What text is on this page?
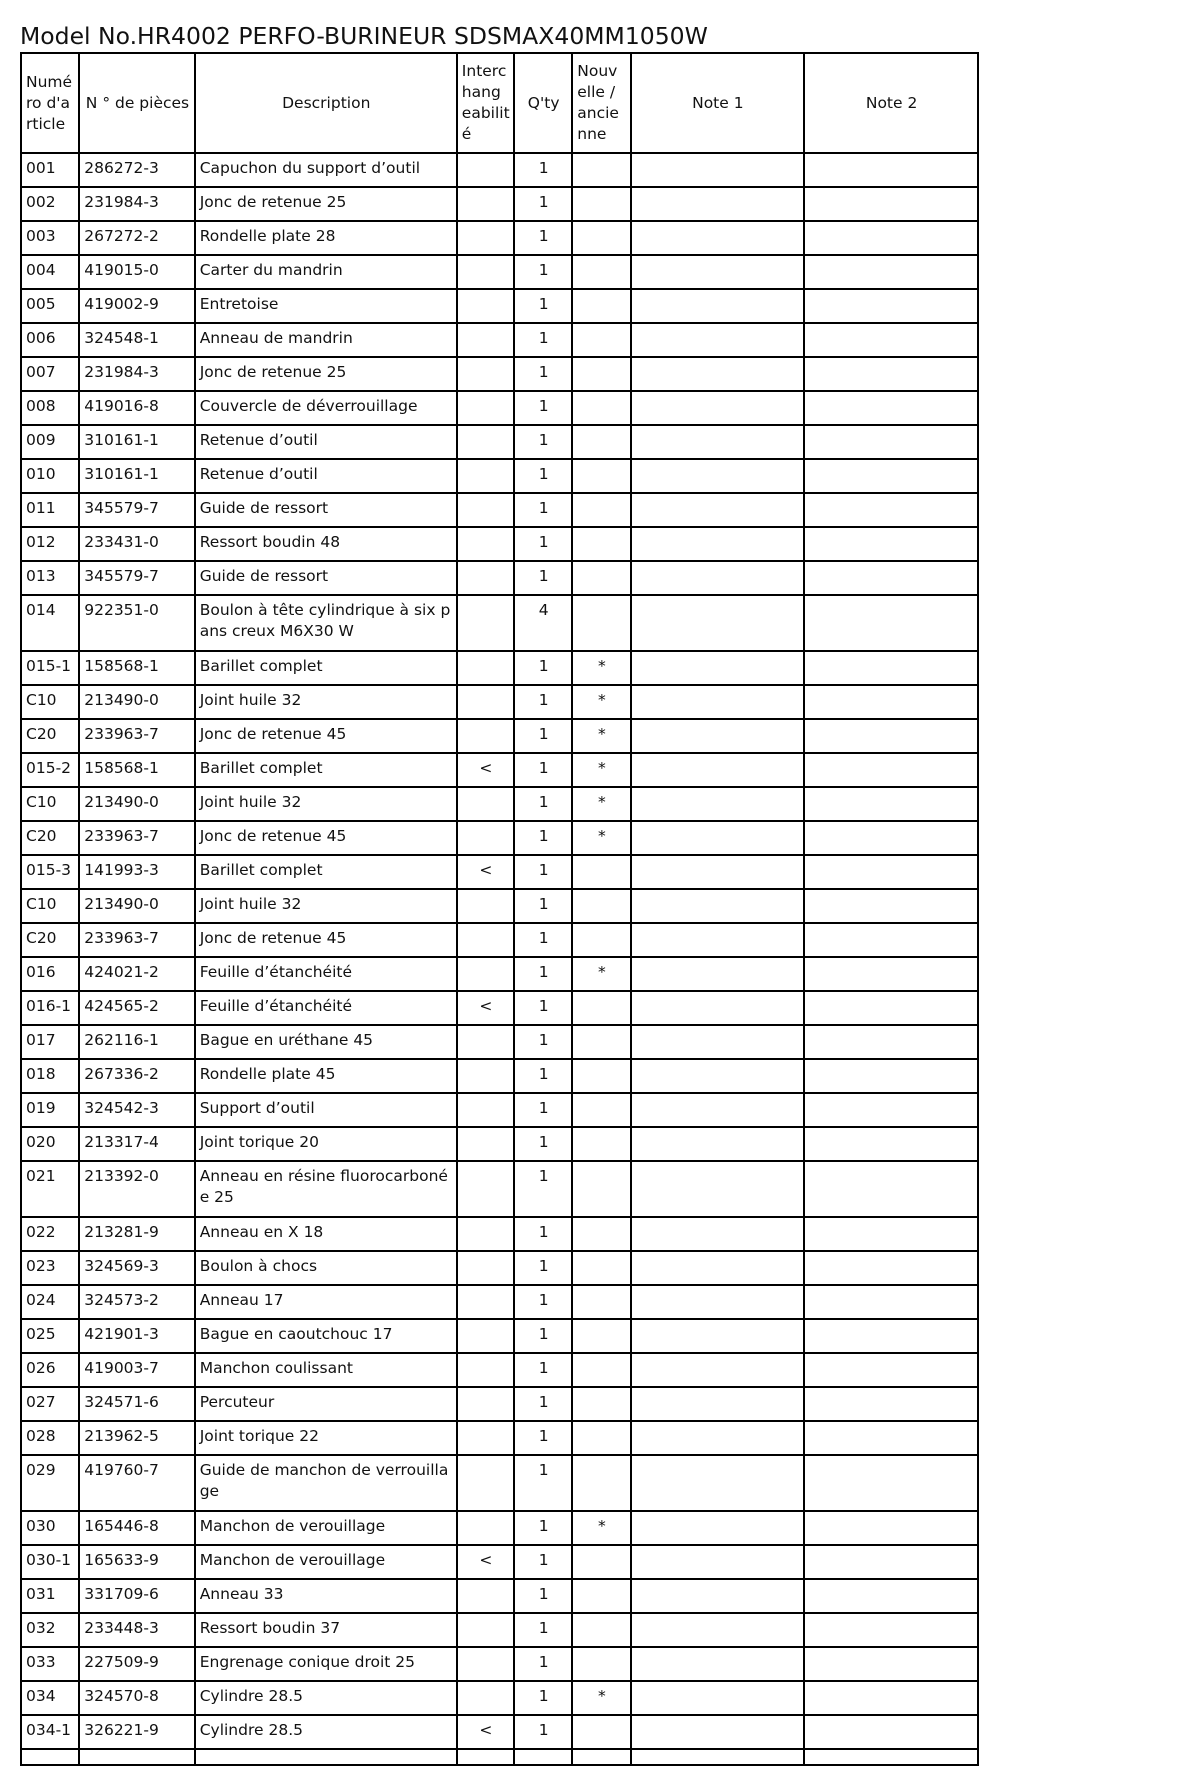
Model No.HR4002 PERFO-BURINEUR SDSMAX40MM1050W
Numé ro d'a rticle	N ° de pièces	Description	Interc hang eabilit é	Q'ty	Nouv elle / ancie nne	Note 1	Note 2
001	286272-3	Capuchon du support d’outil		1			
002	231984-3	Jonc de retenue 25		1			
003	267272-2	Rondelle plate 28		1			
004	419015-0	Carter du mandrin		1			
005	419002-9	Entretoise		1			
006	324548-1	Anneau de mandrin		1			
007	231984-3	Jonc de retenue 25		1			
008	419016-8	Couvercle de déverrouillage		1			
009	310161-1	Retenue d’outil		1			
010	310161-1	Retenue d’outil		1			
011	345579-7	Guide de ressort		1			
012	233431-0	Ressort boudin 48		1			
013	345579-7	Guide de ressort		1			
014	922351-0	Boulon à tête cylindrique à six pans creux M6X30 W		4			
015-1	158568-1	Barillet complet		1	*		
C10	213490-0	Joint huile 32		1	*		
C20	233963-7	Jonc de retenue 45		1	*		
015-2	158568-1	Barillet complet	<	1	*		
C10	213490-0	Joint huile 32		1	*		
C20	233963-7	Jonc de retenue 45		1	*		
015-3	141993-3	Barillet complet	<	1			
C10	213490-0	Joint huile 32		1			
C20	233963-7	Jonc de retenue 45		1			
016	424021-2	Feuille d’étanchéité		1	*		
016-1	424565-2	Feuille d’étanchéité	<	1			
017	262116-1	Bague en uréthane 45		1			
018	267336-2	Rondelle plate 45		1			
019	324542-3	Support d’outil		1			
020	213317-4	Joint torique 20		1			
021	213392-0	Anneau en résine fluorocarbonée 25		1			
022	213281-9	Anneau en X 18		1			
023	324569-3	Boulon à chocs		1			
024	324573-2	Anneau 17		1			
025	421901-3	Bague en caoutchouc 17		1			
026	419003-7	Manchon coulissant		1			
027	324571-6	Percuteur		1			
028	213962-5	Joint torique 22		1			
029	419760-7	Guide de manchon de verrouillage		1			
030	165446-8	Manchon de verouillage		1	*		
030-1	165633-9	Manchon de verouillage	<	1			
031	331709-6	Anneau 33		1			
032	233448-3	Ressort boudin 37		1			
033	227509-9	Engrenage conique droit 25		1			
034	324570-8	Cylindre 28.5		1	*		
034-1	326221-9	Cylindre 28.5	<	1			
